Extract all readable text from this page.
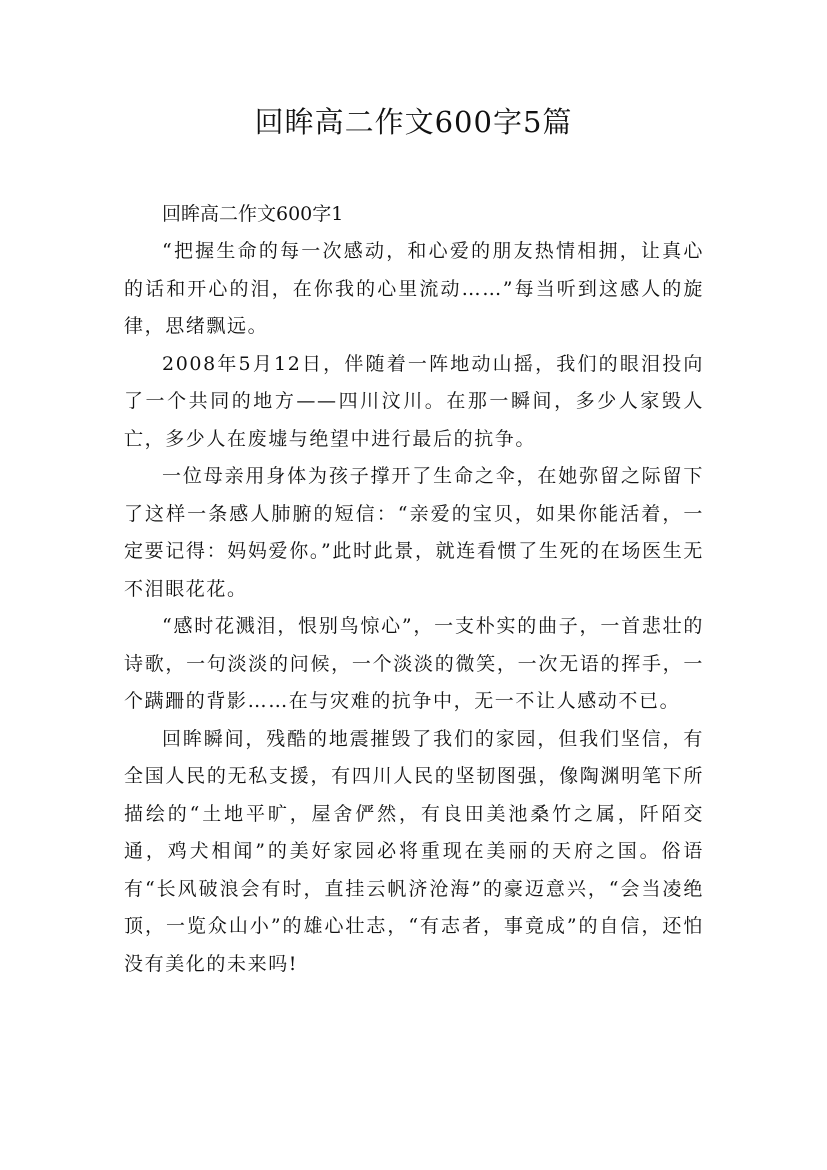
回眸高二作文600字5篇

回眸高二作文600字1

“把握生命的每一次感动，和心爱的朋友热情相拥，让真心的话和开心的泪，在你我的心里流动……”每当听到这感人的旋律，思绪飘远。

2008年5月12日，伴随着一阵地动山摇，我们的眼泪投向了一个共同的地方——四川汶川。在那一瞬间，多少人家毁人亡，多少人在废墟与绝望中进行最后的抗争。

一位母亲用身体为孩子撑开了生命之伞，在她弥留之际留下了这样一条感人肺腑的短信：“亲爱的宝贝，如果你能活着，一定要记得：妈妈爱你。”此时此景，就连看惯了生死的在场医生无不泪眼花花。

“感时花溅泪，恨别鸟惊心”，一支朴实的曲子，一首悲壮的诗歌，一句淡淡的问候，一个淡淡的微笑，一次无语的挥手，一个蹒跚的背影……在与灾难的抗争中，无一不让人感动不已。

回眸瞬间，残酷的地震摧毁了我们的家园，但我们坚信，有全国人民的无私支援，有四川人民的坚韧图强，像陶渊明笔下所描绘的“土地平旷，屋舍俨然，有良田美池桑竹之属，阡陌交通，鸡犬相闻”的美好家园必将重现在美丽的天府之国。俗语有“长风破浪会有时，直挂云帆济沧海”的豪迈意兴，“会当凌绝顶，一览众山小”的雄心壮志，“有志者，事竟成”的自信，还怕没有美化的未来吗!
